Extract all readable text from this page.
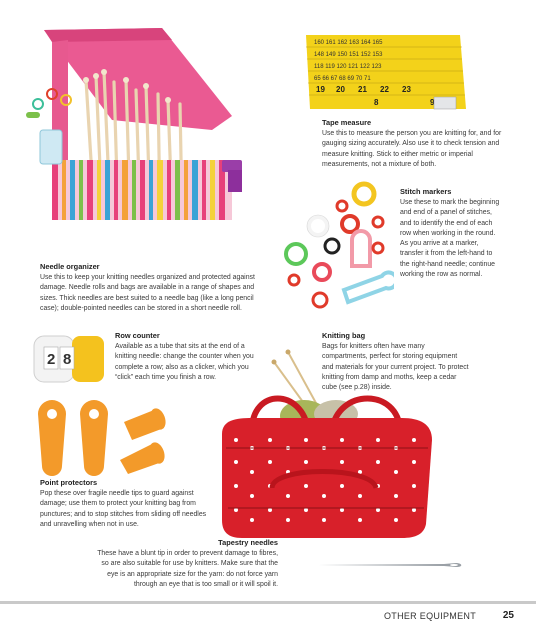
160 161 162 163 164 165
148 149 150 151 152 153
118 119 120 121 122 123
65 66 67 68 69 70 71
19 20 21 22 23
8	9

Tape measure

Use this to measure the person you are knitting for, and for gauging sizing accurately. Also use it to check tension and measure knitting. Stick to either metric or imperial measurements, not a mixture of both.

Stitch markers

Use these to mark the beginning and end of a panel of stitches, and to identify the end of each row when working in the round. As you arrive at a marker, transfer it from the left-hand to the right-hand needle; continue working the row as normal.

Needle organizer

Use this to keep your knitting needles organized and protected against damage. Needle rolls and bags are available in a range of shapes and sizes. Thick needles are best suited to a needle bag (like a long pencil case); double-pointed needles can be stored in a short needle roll.

2 8

Row counter

Available as a tube that sits at the end of a knitting needle: change the counter when you complete a row; also as a clicker, which you “click” each time you finish a row.

Knitting bag

Bags for knitters often have many compartments, perfect for storing equipment and materials for your current project. To protect knitting from damp and moths, keep a cedar cube (see p.28) inside.

Point protectors

Pop these over fragile needle tips to guard against damage; use them to protect your knitting bag from punctures; and to stop stitches from sliding off needles and unravelling when not in use.

Tapestry needles

These have a blunt tip in order to prevent damage to fibres, so are also suitable for use by knitters. Make sure that the eye is an appropriate size for the yarn: do not force yarn through an eye that is too small or it will spoil it.

OTHER EQUIPMENT	25
